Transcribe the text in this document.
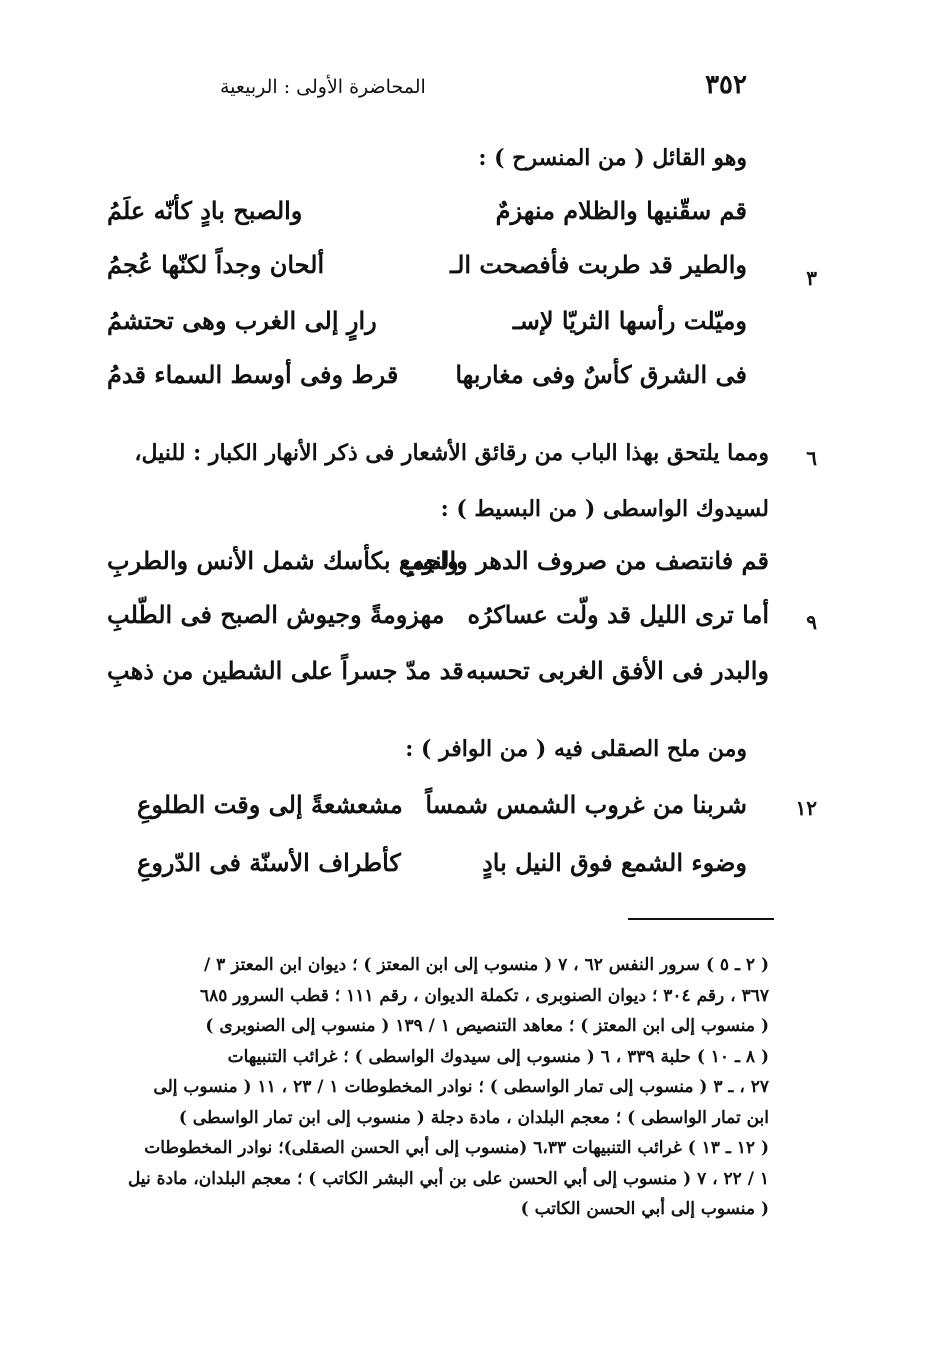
٣٥٢
المحاضرة الأولى : الربيعية
وهو القائل ( من المنسرح ) :
قم سقّنيها والظلام منهزمٌ
والصبح بادٍ كأنّه علَمُ
والطير قد طربت فأفصحت الـ
ألحان وجداً لكنّها عُجمُ	٣
وميّلت رأسها الثريّا لإسـ
رارٍ إلى الغرب وهى تحتشمُ
فى الشرق كأسٌ وفى مغاربها
قرط وفى أوسط السماء قدمُ
ومما يلتحق بهذا الباب من رقائق الأشعار فى ذكر الأنهار الكبار : للنيل، ٦
لسيدوك الواسطى ( من البسيط ) :
قم فانتصف من صروف الدهر والنوبِ
واجمع بكأسك شمل الأنس والطربِ
أما ترى الليل قد ولّت عساكرُه
مهزومةً وجيوش الصبح فى الطّلبِ	٩
والبدر فى الأفق الغربى تحسبه
قد مدّ جسراً على الشطين من ذهبِ
ومن ملح الصقلى فيه ( من الوافر ) :
شربنا من غروب الشمس شمساً
مشعشعةً إلى وقت الطلوعِ	١٢
وضوء الشمع فوق النيل بادٍ
كأطراف الأسنّة فى الدّروعِ
( ٢ ـ ٥ ) سرور النفس ٦٢ ، ٧ ( منسوب إلى ابن المعتز ) ؛ ديوان ابن المعتز ٣ /
٣٦٧ ، رقم ٣٠٤ ؛ ديوان الصنوبرى ، تكملة الديوان ، رقم ١١١ ؛ قطب السرور ٦٨٥
( منسوب إلى ابن المعتز ) ؛ معاهد التنصيص ١ / ١٣٩ ( منسوب إلى الصنوبرى )
( ٨ ـ ١٠ ) حلبة ٣٣٩ ، ٦ ( منسوب إلى سيدوك الواسطى ) ؛ غرائب التنبيهات
٢٧ ، ـ ٣ ( منسوب إلى تمار الواسطى ) ؛ نوادر المخطوطات ١ / ٢٣ ، ١١ ( منسوب إلى
ابن تمار الواسطى ) ؛ معجم البلدان ، مادة دجلة ( منسوب إلى ابن تمار الواسطى )
( ١٢ ـ ١٣ ) غرائب التنبيهات ٦،٣٣ (منسوب إلى أبي الحسن الصقلى)؛ نوادر المخطوطات
١ / ٢٢ ، ٧ ( منسوب إلى أبي الحسن على بن أبي البشر الكاتب ) ؛ معجم البلدان، مادة نيل
( منسوب إلى أبي الحسن الكاتب )
